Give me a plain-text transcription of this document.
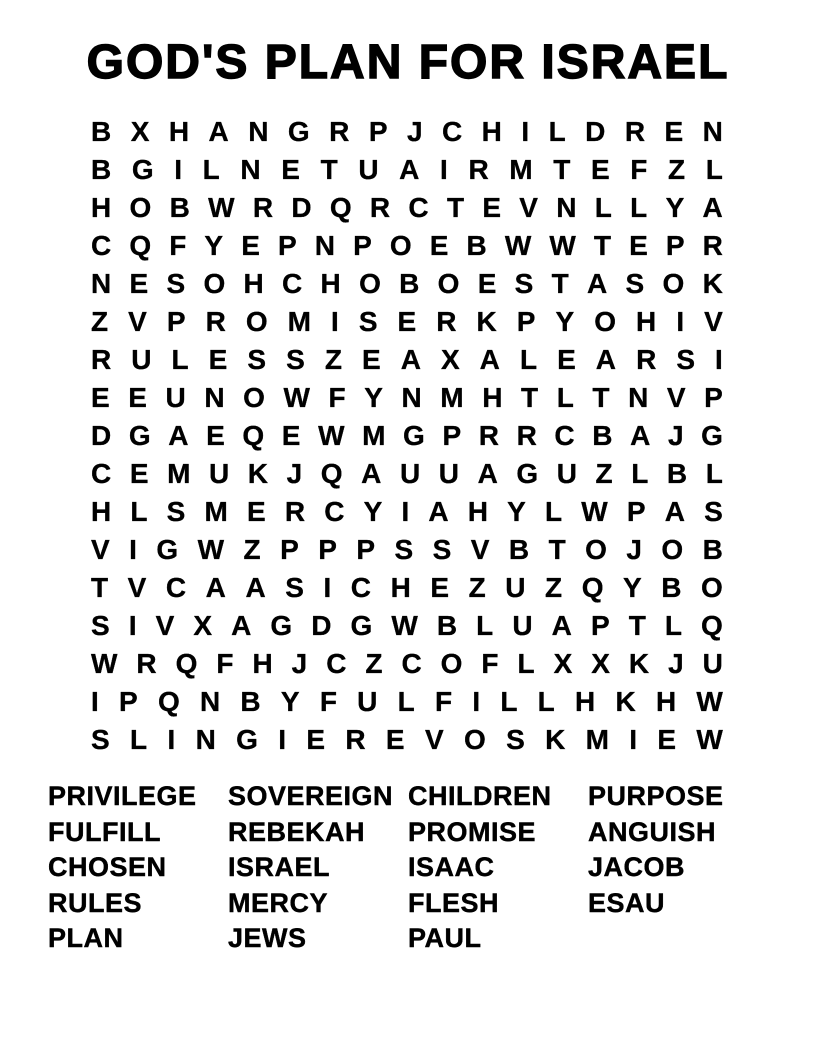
GOD'S PLAN FOR ISRAEL
B X H A N G R P J C H I L D R E N
B G I L N E T U A I R M T E F Z L
H O B W R D Q R C T E V N L L Y A
C Q F Y E P N P O E B W W T E P R
N E S O H C H O B O E S T A S O K
Z V P R O M I S E R K P Y O H I V
R U L E S S Z E A X A L E A R S I
E E U N O W F Y N M H T L T N V P
D G A E Q E W M G P R R C B A J G
C E M U K J Q A U U A G U Z L B L
H L S M E R C Y I A H Y L W P A S
V I G W Z P P P S S V B T O J O B
T V C A A S I C H E Z U Z Q Y B O
S I V X A G D G W B L U A P T L Q
W R Q F H J C Z C O F L X X K J U
I P Q N B Y F U L F I L L H K H W
S L I N G I E R E V O S K M I E W
PRIVILEGE
FULFILL
CHOSEN
RULES
PLAN
SOVEREIGN
REBEKAH
ISRAEL
MERCY
JEWS
CHILDREN
PROMISE
ISAAC
FLESH
PAUL
PURPOSE
ANGUISH
JACOB
ESAU
